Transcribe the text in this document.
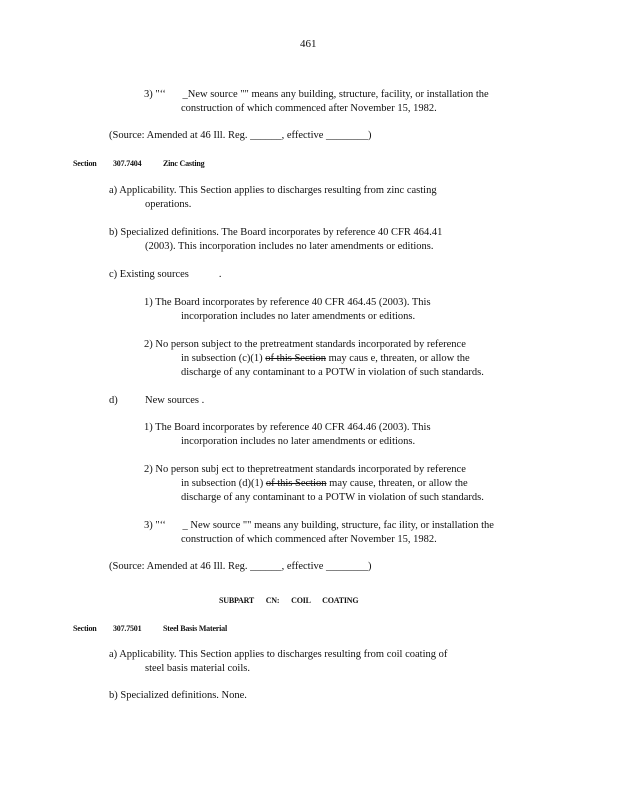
461
3) "‘‘ _New source "" means any building, structure, facility, or installation the
construction of which commenced after November 15, 1982.
(Source: Amended at 46 Ill. Reg. ______, effective ________)
Section 307.7404	Zinc Casting
a) Applicability. This Section applies to discharges resulting from zinc casting
operations.
b) Specialized definitions. The Board incorporates by reference 40 CFR 464.41
(2003). This incorporation includes no later amendments or editions.
c) Existing sources	.
1) The Board incorporates by reference 40 CFR 464.45 (2003). This
incorporation includes no later amendments or editions.
2) No person subject to the pretreatment standards incorporated by reference
in subsection (c)(1) of this Section may caus e, threaten, or allow the
discharge of any contaminant to a POTW in violation of such standards.
d)	New sources .
1) The Board incorporates by reference 40 CFR 464.46 (2003). This
incorporation includes no later amendments or editions.
2) No person subj ect to thepretreatment standards incorporated by reference
in subsection (d)(1) of this Section may cause, threaten, or allow the
discharge of any contaminant to a POTW in violation of such standards.
3) "‘‘ _ New source "" means any building, structure, fac ility, or installation the
construction of which commenced after November 15, 1982.
(Source: Amended at 46 Ill. Reg. ______, effective ________)
SUBPART CN: COIL COATING
Section 307.7501	Steel Basis Material
a) Applicability. This Section applies to discharges resulting from coil coating of
steel basis material coils.
b) Specialized definitions. None.
